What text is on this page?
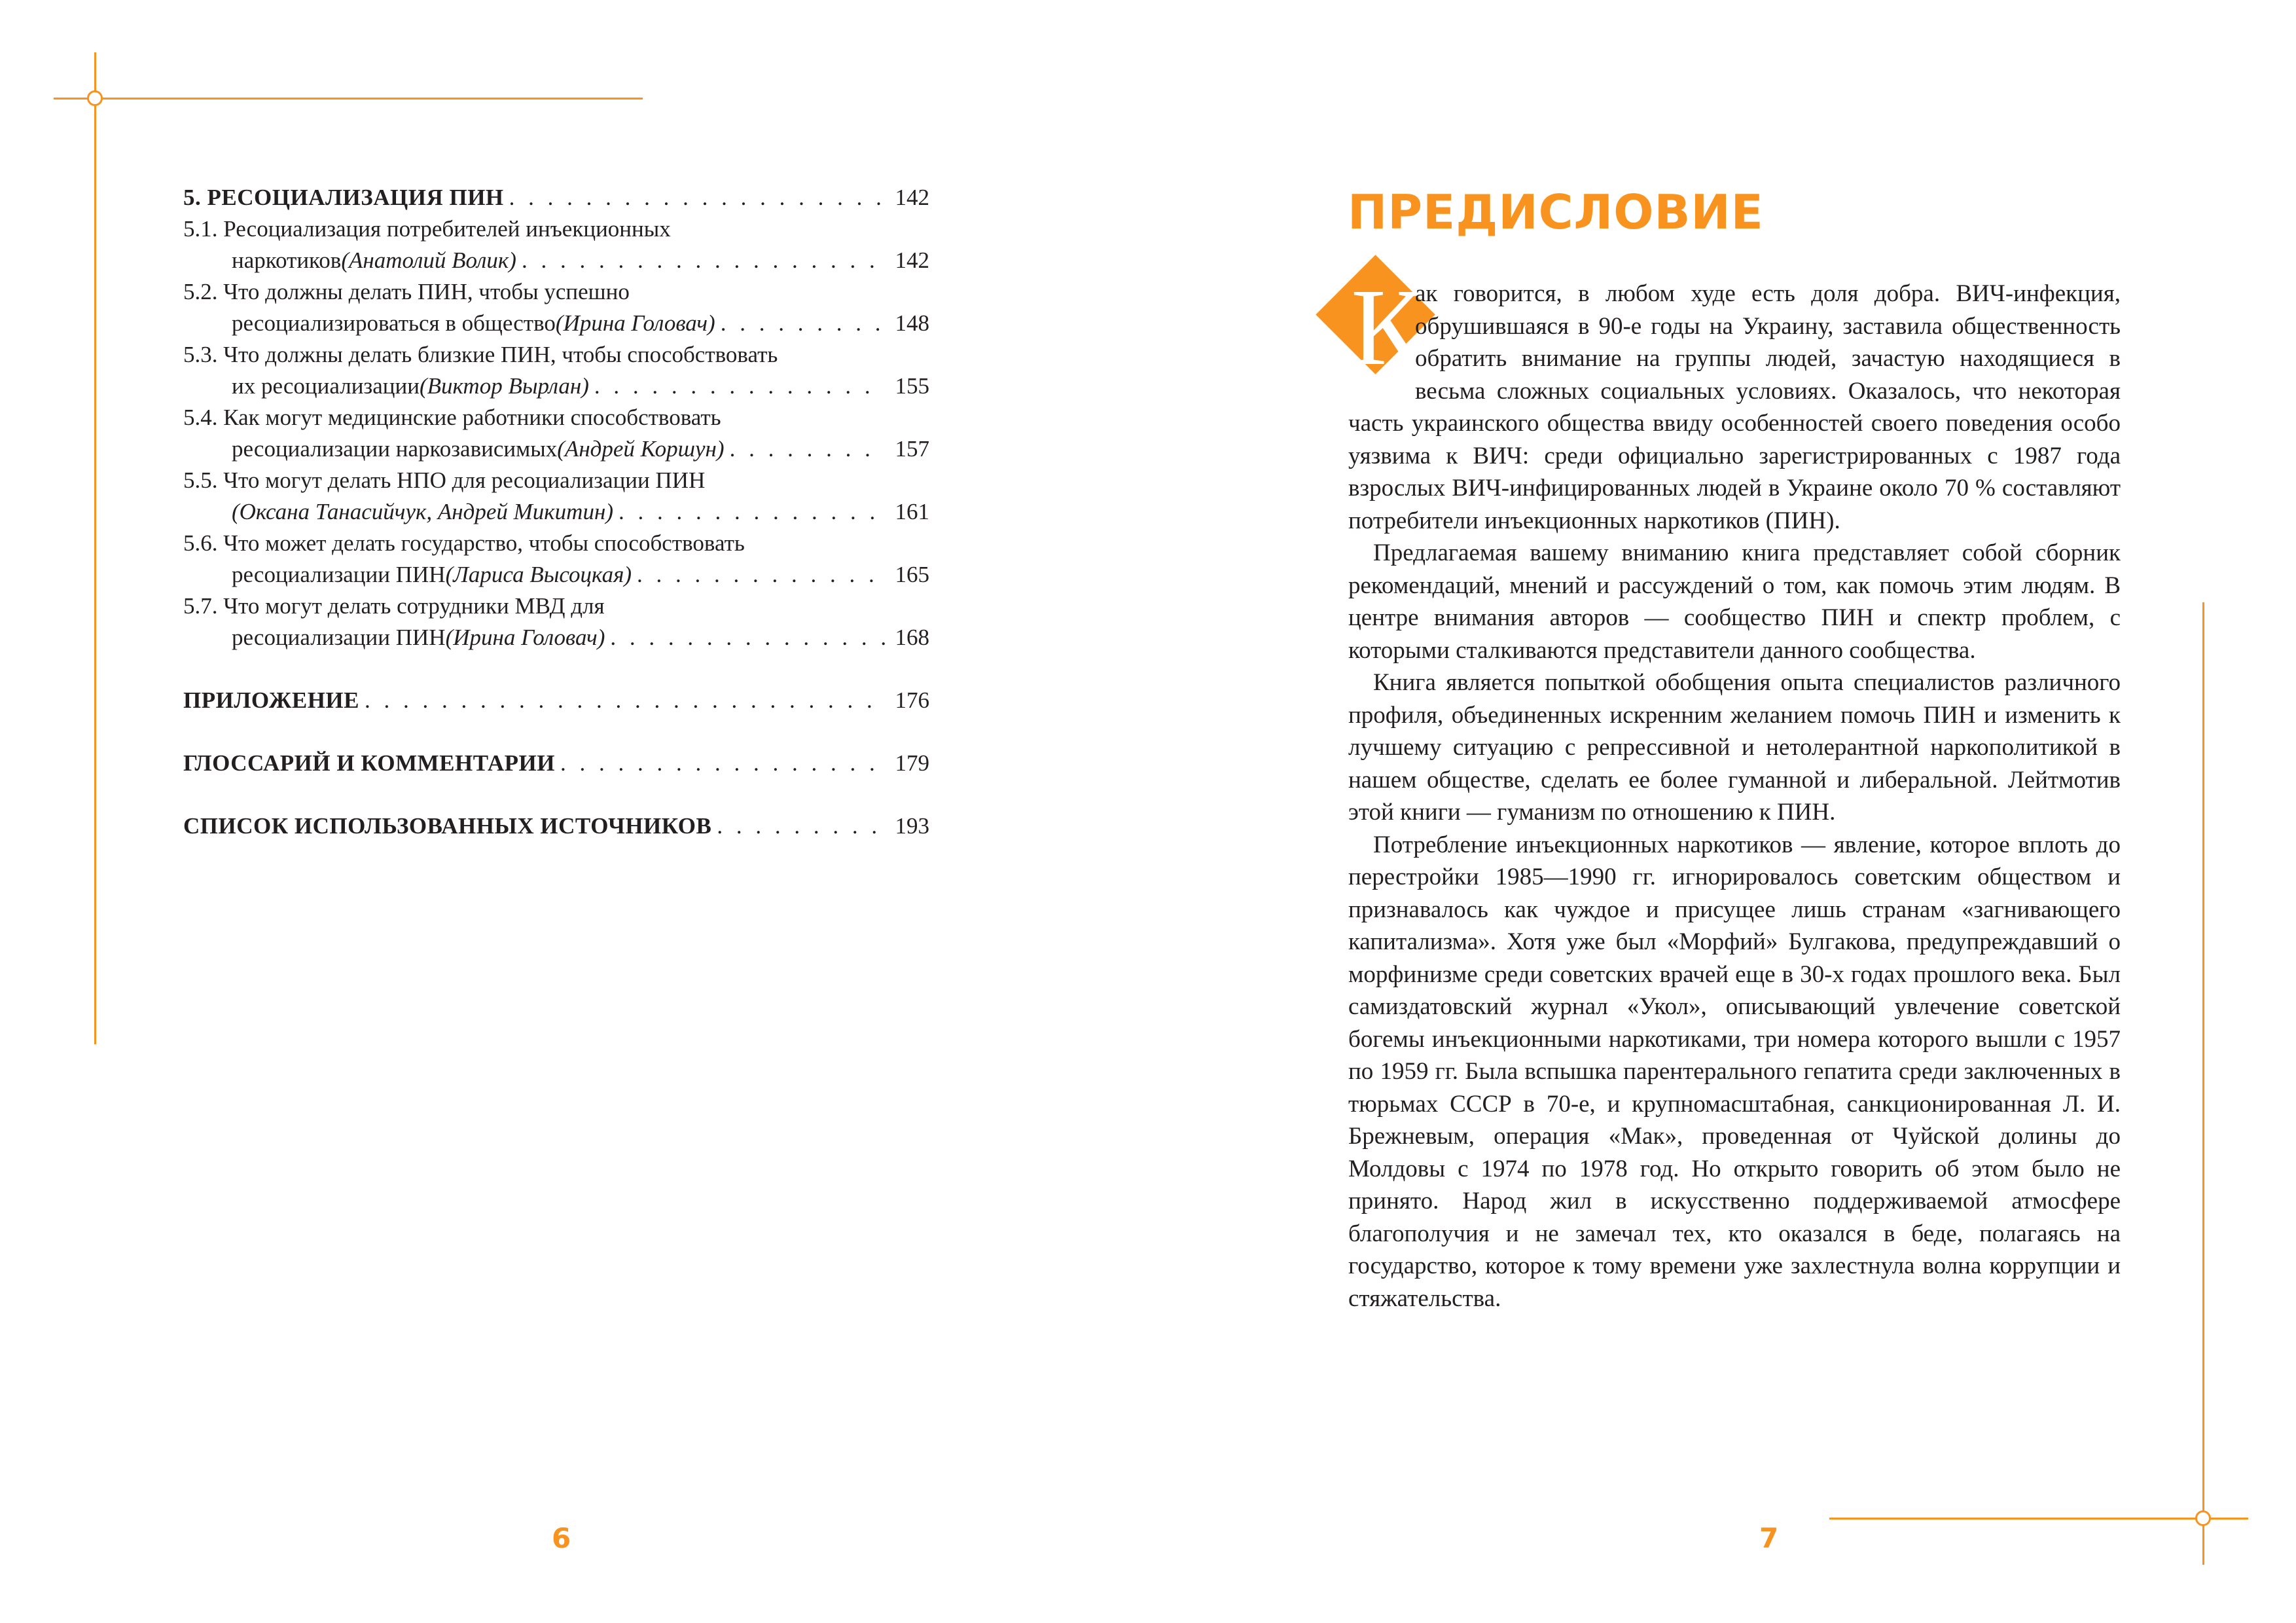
5. РЕСОЦИАЛИЗАЦИЯ ПИН . . .	142
5.1. Ресоциализация потребителей инъекционных
наркотиков (Анатолий Волик) . . .	142
5.2. Что должны делать ПИН, чтобы успешно
ресоциализироваться в общество (Ирина Головач) . . .	148
5.3. Что должны делать близкие ПИН, чтобы способствовать
их ресоциализации (Виктор Вырлан) . . .	155
5.4. Как могут медицинские работники способствовать
ресоциализации наркозависимых (Андрей Коршун) . . .	157
5.5. Что могут делать НПО для ресоциализации ПИН
(Оксана Танасийчук, Андрей Микитин) . . .	161
5.6. Что может делать государство, чтобы способствовать
ресоциализации ПИН (Лариса Высоцкая) . . .	165
5.7. Что могут делать сотрудники МВД для
ресоциализации ПИН (Ирина Головач) . . .	168
ПРИЛОЖЕНИЕ . . .	176
ГЛОССАРИЙ И КОММЕНТАРИИ . . .	179
СПИСОК ИСПОЛЬЗОВАННЫХ ИСТОЧНИКОВ . . .	193
ПРЕДИСЛОВИЕ
К

ак говорится, в любом худе есть доля добра. ВИЧ-инфекция, обрушившаяся в 90-е годы на Украину, заставила общественность обратить внимание на группы людей, зачастую находящиеся в весьма сложных социальных условиях. Оказалось, что некоторая часть украинского общества ввиду особенностей своего поведения особо уязвима к ВИЧ: среди официально зарегистрированных с 1987 года взрослых ВИЧ-инфицированных людей в Украине около 70 % составляют потребители инъекционных наркотиков (ПИН).

Предлагаемая вашему вниманию книга представляет собой сборник рекомендаций, мнений и рассуждений о том, как помочь этим людям. В центре внимания авторов — сообщество ПИН и спектр проблем, с которыми сталкиваются представители данного сообщества.

Книга является попыткой обобщения опыта специалистов различного профиля, объединенных искренним желанием помочь ПИН и изменить к лучшему ситуацию с репрессивной и нетолерантной наркополитикой в нашем обществе, сделать ее более гуманной и либеральной. Лейтмотив этой книги — гуманизм по отношению к ПИН.

Потребление инъекционных наркотиков — явление, которое вплоть до перестройки 1985—1990 гг. игнорировалось советским обществом и признавалось как чуждое и присущее лишь странам «загнивающего капитализма». Хотя уже был «Морфий» Булгакова, предупреждавший о морфинизме среди советских врачей еще в 30-х годах прошлого века. Был самиздатовский журнал «Укол», описывающий увлечение советской богемы инъекционными наркотиками, три номера которого вышли с 1957 по 1959 гг. Была вспышка парентерального гепатита среди заключенных в тюрьмах СССР в 70-е, и крупномасштабная, санкционированная Л. И. Брежневым, операция «Мак», проведенная от Чуйской долины до Молдовы с 1974 по 1978 год. Но открыто говорить об этом было не принято. Народ жил в искусственно поддерживаемой атмосфере благополучия и не замечал тех, кто оказался в беде, полагаясь на государство, которое к тому времени уже захлестнула волна коррупции и стяжательства.

6	7
